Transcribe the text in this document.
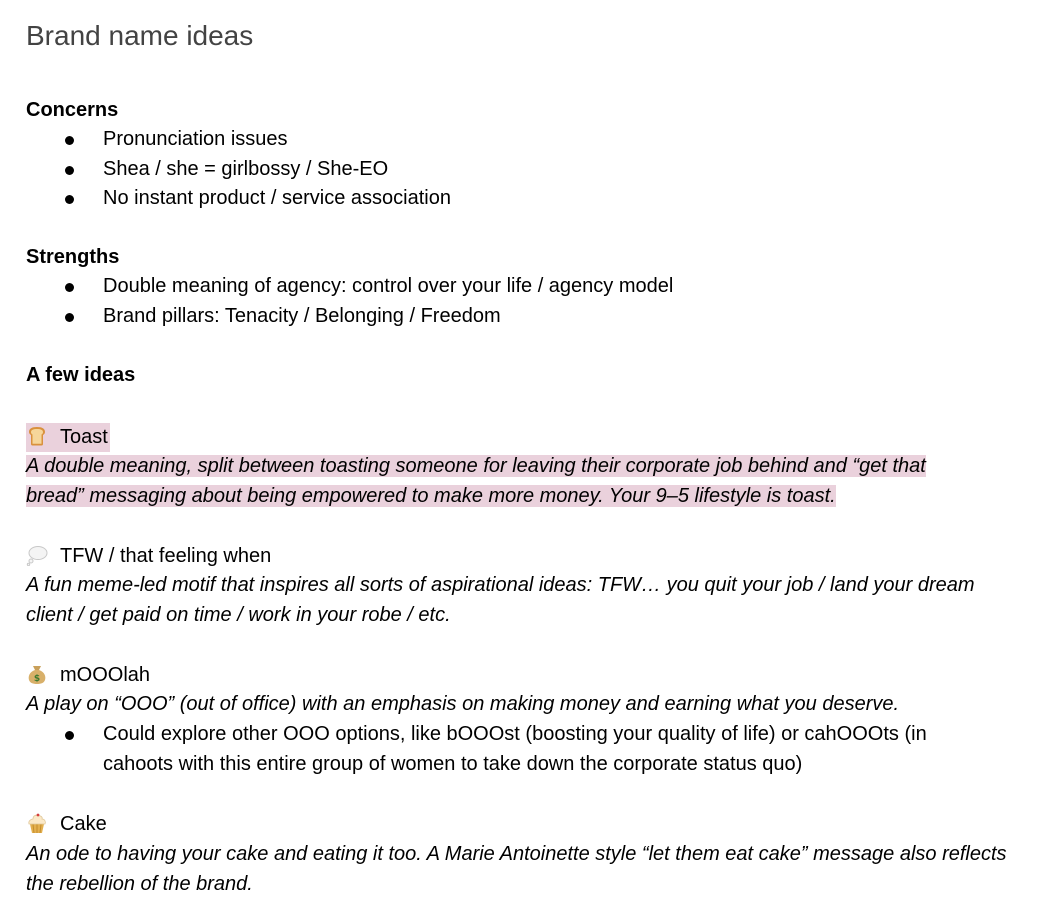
Brand name ideas
Concerns
Pronunciation issues
Shea / she = girlbossy / She-EO
No instant product / service association
Strengths
Double meaning of agency: control over your life / agency model
Brand pillars: Tenacity / Belonging / Freedom
A few ideas
Toast
A double meaning, split between toasting someone for leaving their corporate job behind and “get that
bread” messaging about being empowered to make more money. Your 9–5 lifestyle is toast.
TFW / that feeling when
A fun meme-led motif that inspires all sorts of aspirational ideas: TFW… you quit your job / land your dream client / get paid on time / work in your robe / etc.
$ mOOOlah
A play on “OOO” (out of office) with an emphasis on making money and earning what you deserve.
Could explore other OOO options, like bOOOst (boosting your quality of life) or cahOOOts (in cahoots with this entire group of women to take down the corporate status quo)
Cake
An ode to having your cake and eating it too. A Marie Antoinette style “let them eat cake” message also reflects the rebellion of the brand.
